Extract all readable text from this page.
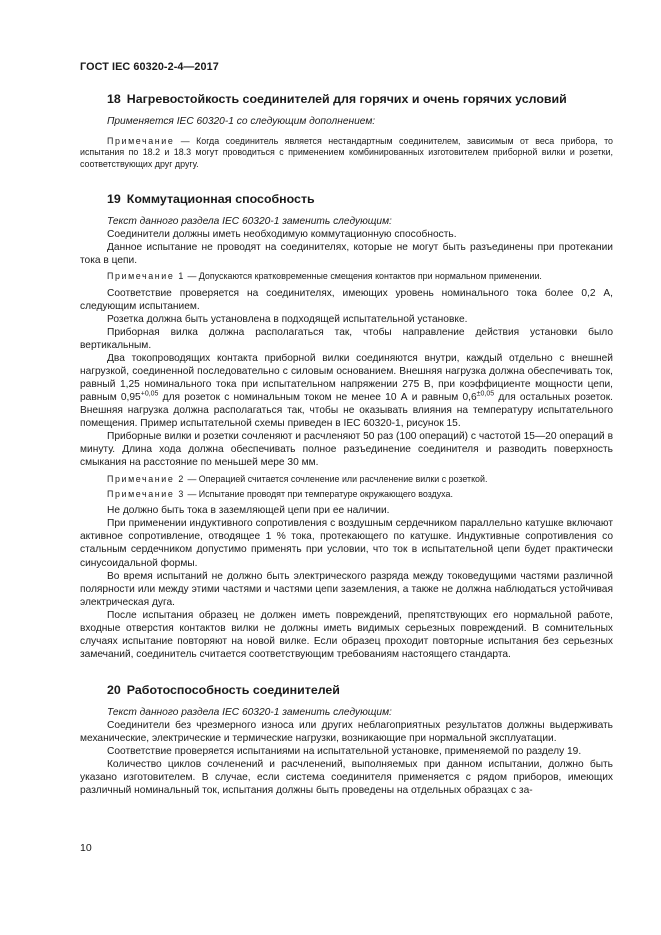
ГОСТ IEC 60320-2-4—2017
18 Нагревостойкость соединителей для горячих и очень горячих условий

Применяется IEC 60320-1 со следующим дополнением:

Примечание — Когда соединитель является нестандартным соединителем, зависимым от веса прибора, то испытания по 18.2 и 18.3 могут проводиться с применением комбинированных изготовителем приборной вилки и розетки, соответствующих друг другу.

19 Коммутационная способность

Текст данного раздела IEC 60320-1 заменить следующим:

Соединители должны иметь необходимую коммутационную способность.

Данное испытание не проводят на соединителях, которые не могут быть разъединены при протекании тока в цепи.

Примечание 1 — Допускаются кратковременные смещения контактов при нормальном применении.

Соответствие проверяется на соединителях, имеющих уровень номинального тока более 0,2 А, следующим испытанием.

Розетка должна быть установлена в подходящей испытательной установке.

Приборная вилка должна располагаться так, чтобы направление действия установки было вертикальным.

Два токопроводящих контакта приборной вилки соединяются внутри, каждый отдельно с внешней нагрузкой, соединенной последовательно с силовым основанием. Внешняя нагрузка должна обеспечивать ток, равный 1,25 номинального тока при испытательном напряжении 275 В, при коэффициенте мощности цепи, равным $0,95^{+0,05}$ для розеток с номинальным током не менее 10 А и равным $0,6^{\pm 0,05}$ для остальных розеток. Внешняя нагрузка должна располагаться так, чтобы не оказывать влияния на температуру испытательного помещения. Пример испытательной схемы приведен в IEC 60320-1, рисунок 15.

Приборные вилки и розетки сочленяют и расчленяют 50 раз (100 операций) с частотой 15—20 операций в минуту. Длина хода должна обеспечивать полное разъединение соединителя и разводить поверхность смыкания на расстояние по меньшей мере 30 мм.

Примечание 2 — Операцией считается сочленение или расчленение вилки с розеткой.

Примечание 3 — Испытание проводят при температуре окружающего воздуха.

Не должно быть тока в заземляющей цепи при ее наличии.

При применении индуктивного сопротивления с воздушным сердечником параллельно катушке включают активное сопротивление, отводящее 1 % тока, протекающего по катушке. Индуктивные сопротивления со стальным сердечником допустимо применять при условии, что ток в испытательной цепи будет практически синусоидальной формы.

Во время испытаний не должно быть электрического разряда между токоведущими частями различной полярности или между этими частями и частями цепи заземления, а также не должна наблюдаться устойчивая электрическая дуга.

После испытания образец не должен иметь повреждений, препятствующих его нормальной работе, входные отверстия контактов вилки не должны иметь видимых серьезных повреждений. В сомнительных случаях испытание повторяют на новой вилке. Если образец проходит повторные испытания без серьезных замечаний, соединитель считается соответствующим требованиям настоящего стандарта.

20 Работоспособность соединителей

Текст данного раздела IEC 60320-1 заменить следующим:

Соединители без чрезмерного износа или других неблагоприятных результатов должны выдерживать механические, электрические и термические нагрузки, возникающие при нормальной эксплуатации.

Соответствие проверяется испытаниями на испытательной установке, применяемой по разделу 19.

Количество циклов сочленений и расчленений, выполняемых при данном испытании, должно быть указано изготовителем. В случае, если система соединителя применяется с рядом приборов, имеющих различный номинальный ток, испытания должны быть проведены на отдельных образцах с за-

10
